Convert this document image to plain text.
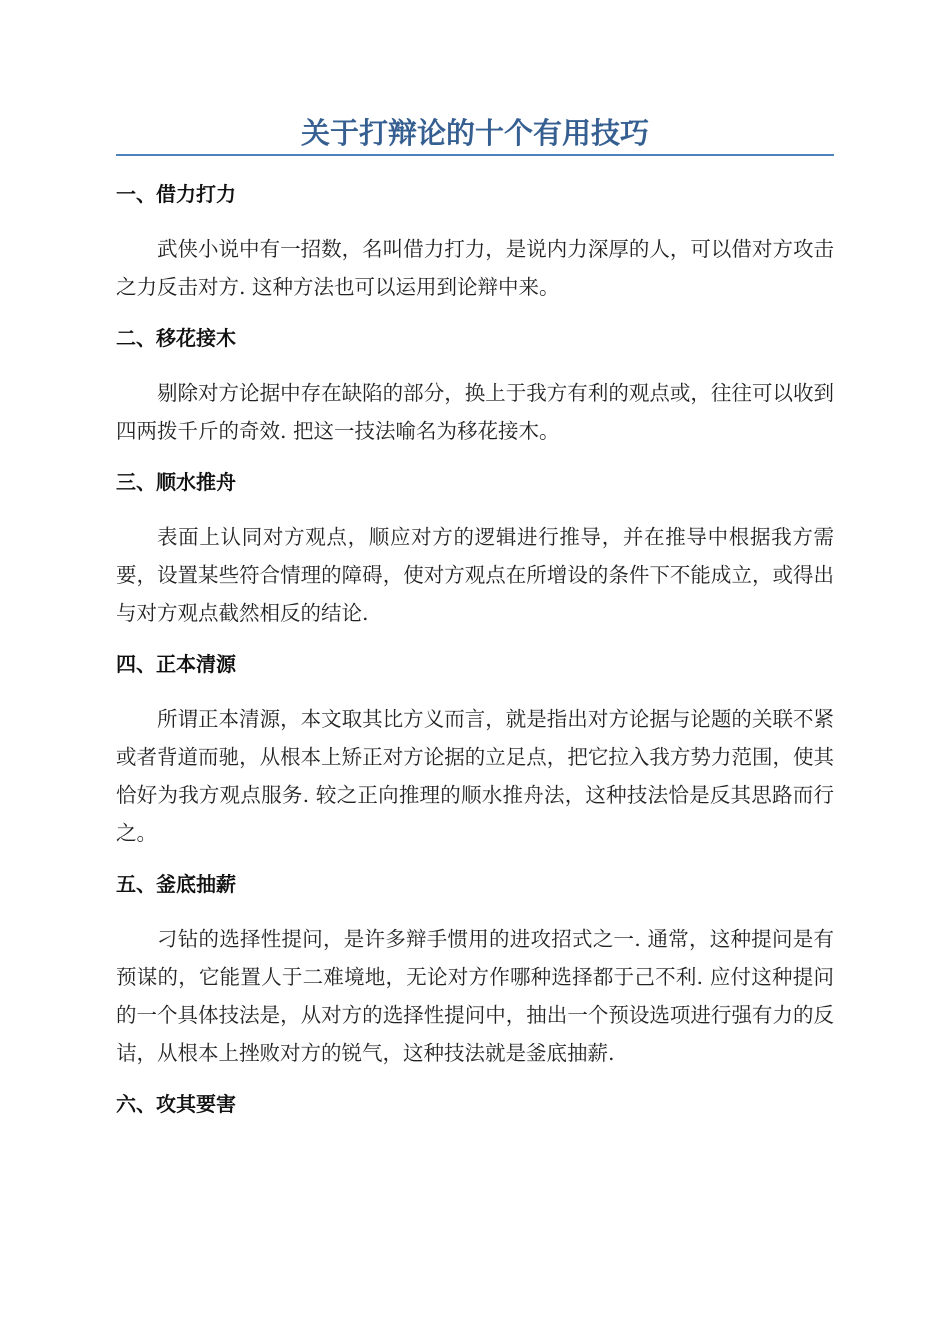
关于打辩论的十个有用技巧
一、借力打力

武侠小说中有一招数，名叫借力打力，是说内力深厚的人，可以借对方攻击之力反击对方. 这种方法也可以运用到论辩中来。

二、移花接木

剔除对方论据中存在缺陷的部分，换上于我方有利的观点或，往往可以收到四两拨千斤的奇效. 把这一技法喻名为移花接木。

三、顺水推舟

表面上认同对方观点，顺应对方的逻辑进行推导，并在推导中根据我方需要，设置某些符合情理的障碍，使对方观点在所增设的条件下不能成立，或得出与对方观点截然相反的结论.

四、正本清源

所谓正本清源，本文取其比方义而言，就是指出对方论据与论题的关联不紧或者背道而驰，从根本上矫正对方论据的立足点，把它拉入我方势力范围，使其恰好为我方观点服务. 较之正向推理的顺水推舟法，这种技法恰是反其思路而行之。

五、釜底抽薪

刁钻的选择性提问，是许多辩手惯用的进攻招式之一. 通常，这种提问是有预谋的，它能置人于二难境地，无论对方作哪种选择都于己不利. 应付这种提问的一个具体技法是，从对方的选择性提问中，抽出一个预设选项进行强有力的反诘，从根本上挫败对方的锐气，这种技法就是釜底抽薪.

六、攻其要害
